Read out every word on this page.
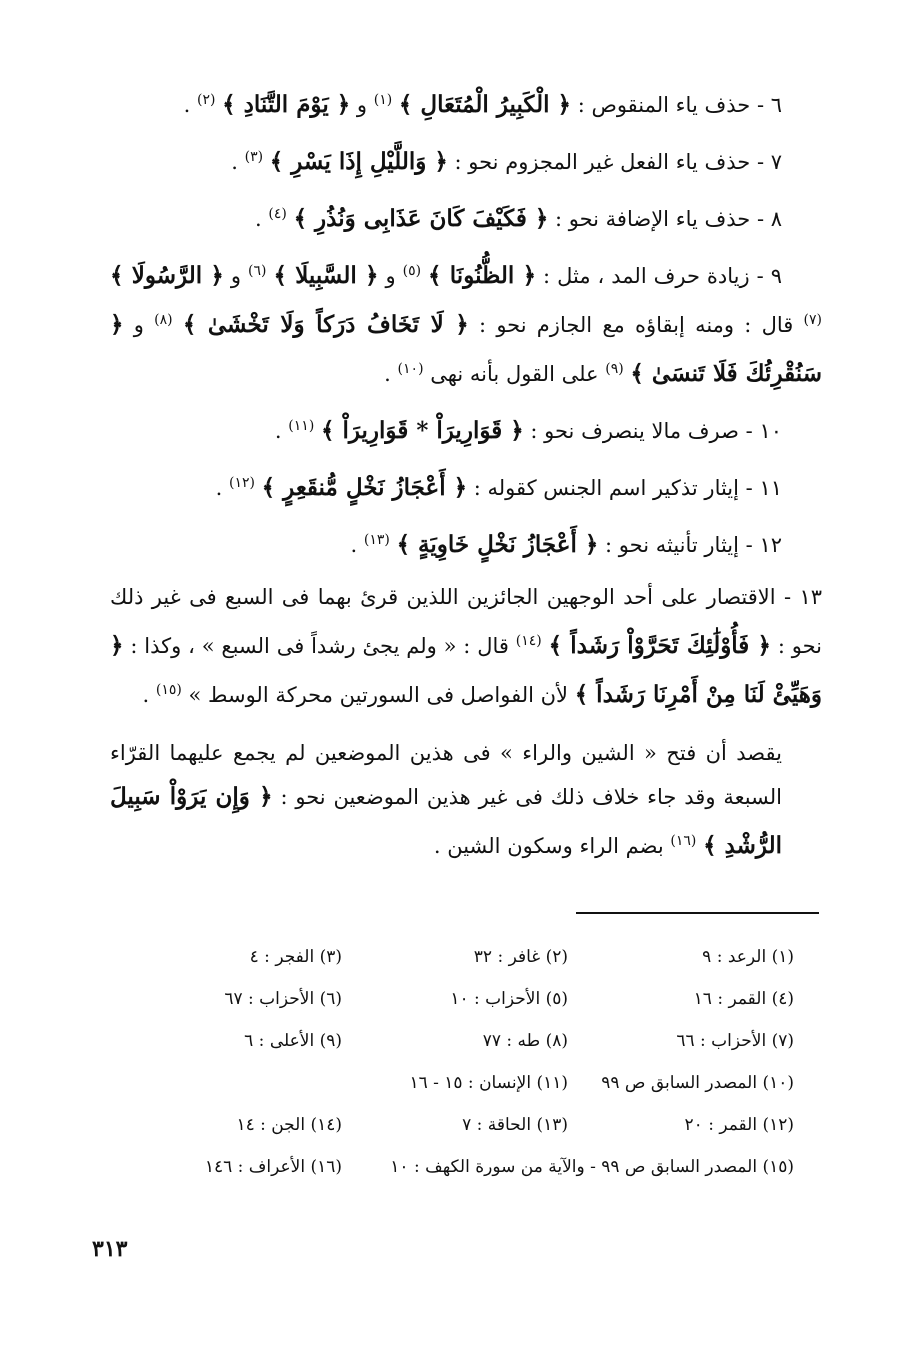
٦ - حذف ياء المنقوص : ﴿ الْكَبِيرُ الْمُتَعَالِ ﴾ $^{(١)}$ و ﴿ يَوْمَ التَّنَادِ ﴾ $^{(٢)}$ .

٧ - حذف ياء الفعل غير المجزوم نحو : ﴿ وَاللَّيْلِ إِذَا يَسْرِ ﴾ $^{(٣)}$ .

٨ - حذف ياء الإضافة نحو : ﴿ فَكَيْفَ كَانَ عَذَابِى وَنُذُرِ ﴾ $^{(٤)}$ .

٩ - زيادة حرف المد ، مثل : ﴿ الظُّنُونَا ﴾ $^{(٥)}$ و ﴿ السَّبِيلَا ﴾ $^{(٦)}$ و ﴿ الرَّسُولَا ﴾ $^{(٧)}$ قال : ومنه إبقاؤه مع الجازم نحو : ﴿ لَا تَخَافُ دَرَكاً وَلَا تَخْشَىٰ ﴾ $^{(٨)}$ و ﴿ سَنُقْرِئُكَ فَلَا تَنسَىٰ ﴾ $^{(٩)}$ على القول بأنه نهى $^{(١٠)}$ .

١٠ - صرف مالا ينصرف نحو : ﴿ قَوَارِيرَاْ * قَوَارِيرَاْ ﴾ $^{(١١)}$ .

١١ - إيثار تذكير اسم الجنس كقوله : ﴿ أَعْجَازُ نَخْلٍ مُّنقَعِرٍ ﴾ $^{(١٢)}$ .

١٢ - إيثار تأنيثه نحو : ﴿ أَعْجَازُ نَخْلٍ خَاوِيَةٍ ﴾ $^{(١٣)}$ .

١٣ - الاقتصار على أحد الوجهين الجائزين اللذين قرئ بهما فى السبع فى غير ذلك نحو : ﴿ فَأُوْلَٰئِكَ تَحَرَّوْاْ رَشَداً ﴾ $^{(١٤)}$ قال : « ولم يجئ رشداً فى السبع » ، وكذا : ﴿ وَهَيِّئْ لَنَا مِنْ أَمْرِنَا رَشَداً ﴾ لأن الفواصل فى السورتين محركة الوسط » $^{(١٥)}$ .

يقصد أن فتح « الشين والراء » فى هذين الموضعين لم يجمع عليهما القرّاء السبعة وقد جاء خلاف ذلك فى غير هذين الموضعين نحو : ﴿ وَإِن يَرَوْاْ سَبِيلَ الرُّشْدِ ﴾ $^{(١٦)}$ بضم الراء وسكون الشين .

(١) الرعد : ٩
(٢) غافر : ٣٢
(٣) الفجر : ٤
(٤) القمر : ١٦
(٥) الأحزاب : ١٠
(٦) الأحزاب : ٦٧
(٧) الأحزاب : ٦٦
(٨) طه : ٧٧
(٩) الأعلى : ٦
(١٠) المصدر السابق ص ٩٩
(١١) الإنسان : ١٥ - ١٦
(١٢) القمر : ٢٠
(١٣) الحاقة : ٧
(١٤) الجن : ١٤
(١٥) المصدر السابق ص ٩٩ - والآية من سورة الكهف : ١٠
(١٦) الأعراف : ١٤٦
٣١٣
